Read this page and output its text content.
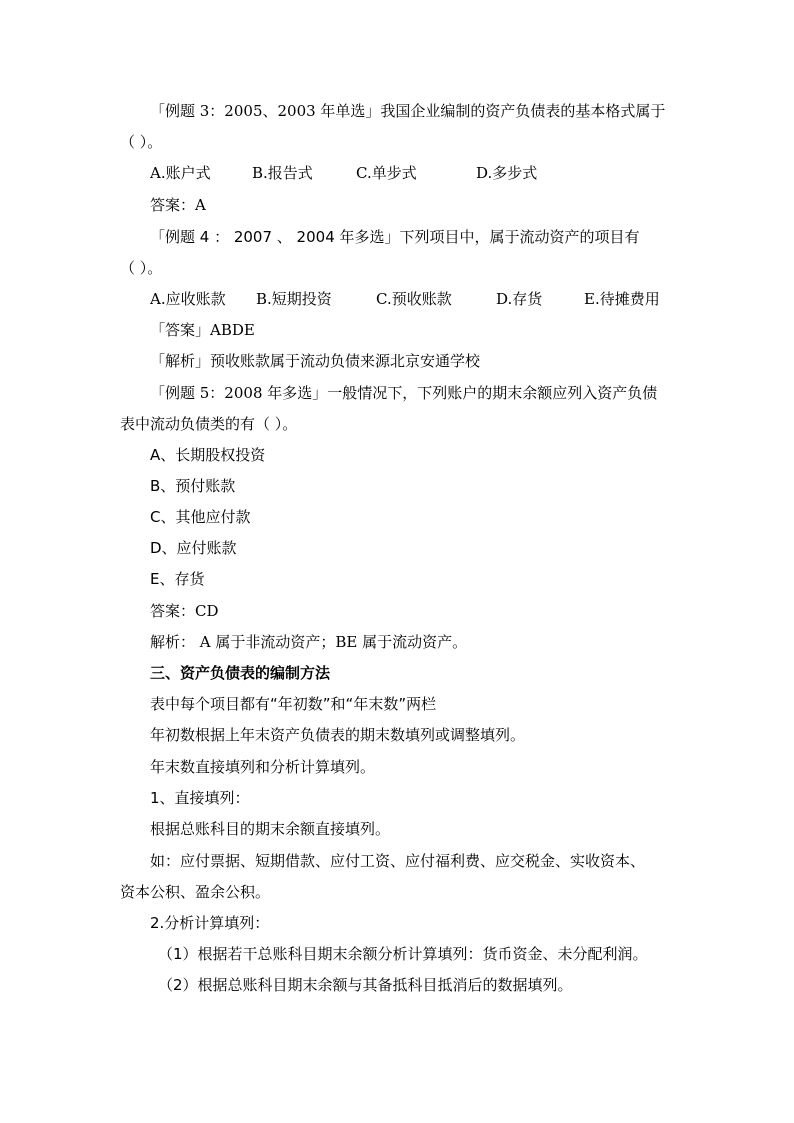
「例题 3：2005、2003 年单选」我国企业编制的资产负债表的基本格式属于
（ ）。
A.账户式	B.报告式	C.单步式	D.多步式
答案：A
「例题 4 ： 2007 、 2004 年多选」下列项目中，属于流动资产的项目有
（ ）。
A.应收账款 B.短期投资	C.预收账款	D.存货	E.待摊费用
「答案」ABDE
「解析」预收账款属于流动负债来源北京安通学校
「例题 5：2008 年多选」一般情况下，下列账户的期末余额应列入资产负债
表中流动负债类的有（ ）。
A、长期股权投资
B、预付账款
C、其他应付款
D、应付账款
E、存货
答案：CD
解析： A 属于非流动资产；BE 属于流动资产。
三、资产负债表的编制方法
表中每个项目都有“年初数”和“年末数”两栏
年初数根据上年末资产负债表的期末数填列或调整填列。
年末数直接填列和分析计算填列。
1、直接填列：
根据总账科目的期末余额直接填列。
如：应付票据、短期借款、应付工资、应付福利费、应交税金、实收资本、
资本公积、盈余公积。
2.分析计算填列：
（1）根据若干总账科目期末余额分析计算填列：货币资金、未分配利润。
（2）根据总账科目期末余额与其备抵科目抵消后的数据填列。
